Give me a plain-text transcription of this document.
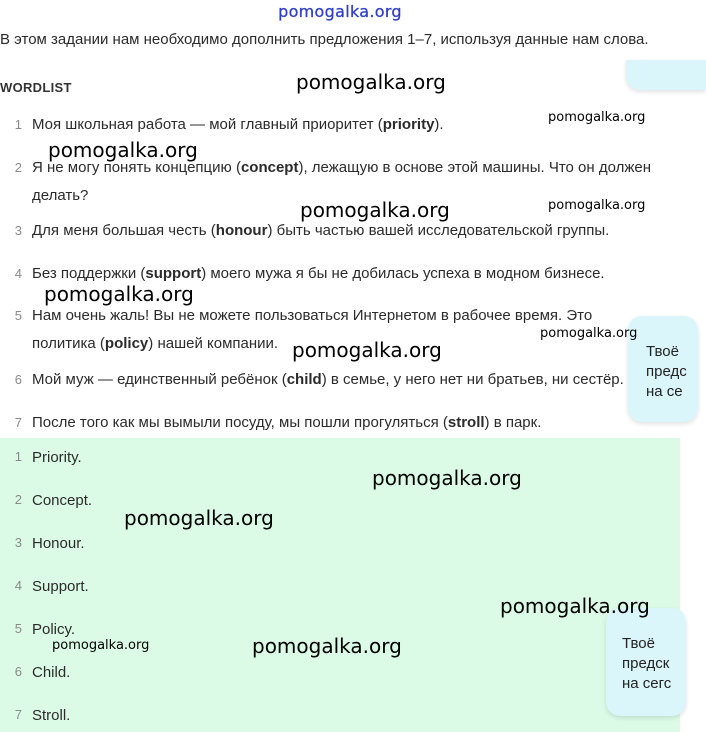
pomogalka.org
В этом задании нам необходимо дополнить предложения 1–7, используя данные нам слова.
WORDLIST
1 Моя школьная работа — мой главный приоритет (priority).
2 Я не могу понять концепцию (concept), лежащую в основе этой машины. Что он должен делать?
3 Для меня большая честь (honour) быть частью вашей исследовательской группы.
4 Без поддержки (support) моего мужа я бы не добилась успеха в модном бизнесе.
5 Нам очень жаль! Вы не можете пользоваться Интернетом в рабочее время. Это политика (policy) нашей компании.
6 Мой муж — единственный ребёнок (child) в семье, у него нет ни братьев, ни сестёр.
7 После того как мы вымыли посуду, мы пошли прогуляться (stroll) в парк.
Твоё
предс
на се
1 Priority.
2 Concept.
3 Honour.
4 Support.
5 Policy.
6 Child.
7 Stroll.
Твоё
предск
на сегс
pomogalka.org
pomogalka.org
pomogalka.org
pomogalka.org	pomogalka.org
pomogalka.org
pomogalka.org
pomogalka.org
pomogalka.org
pomogalka.org
pomogalka.org
pomogalka.org	pomogalka.org
